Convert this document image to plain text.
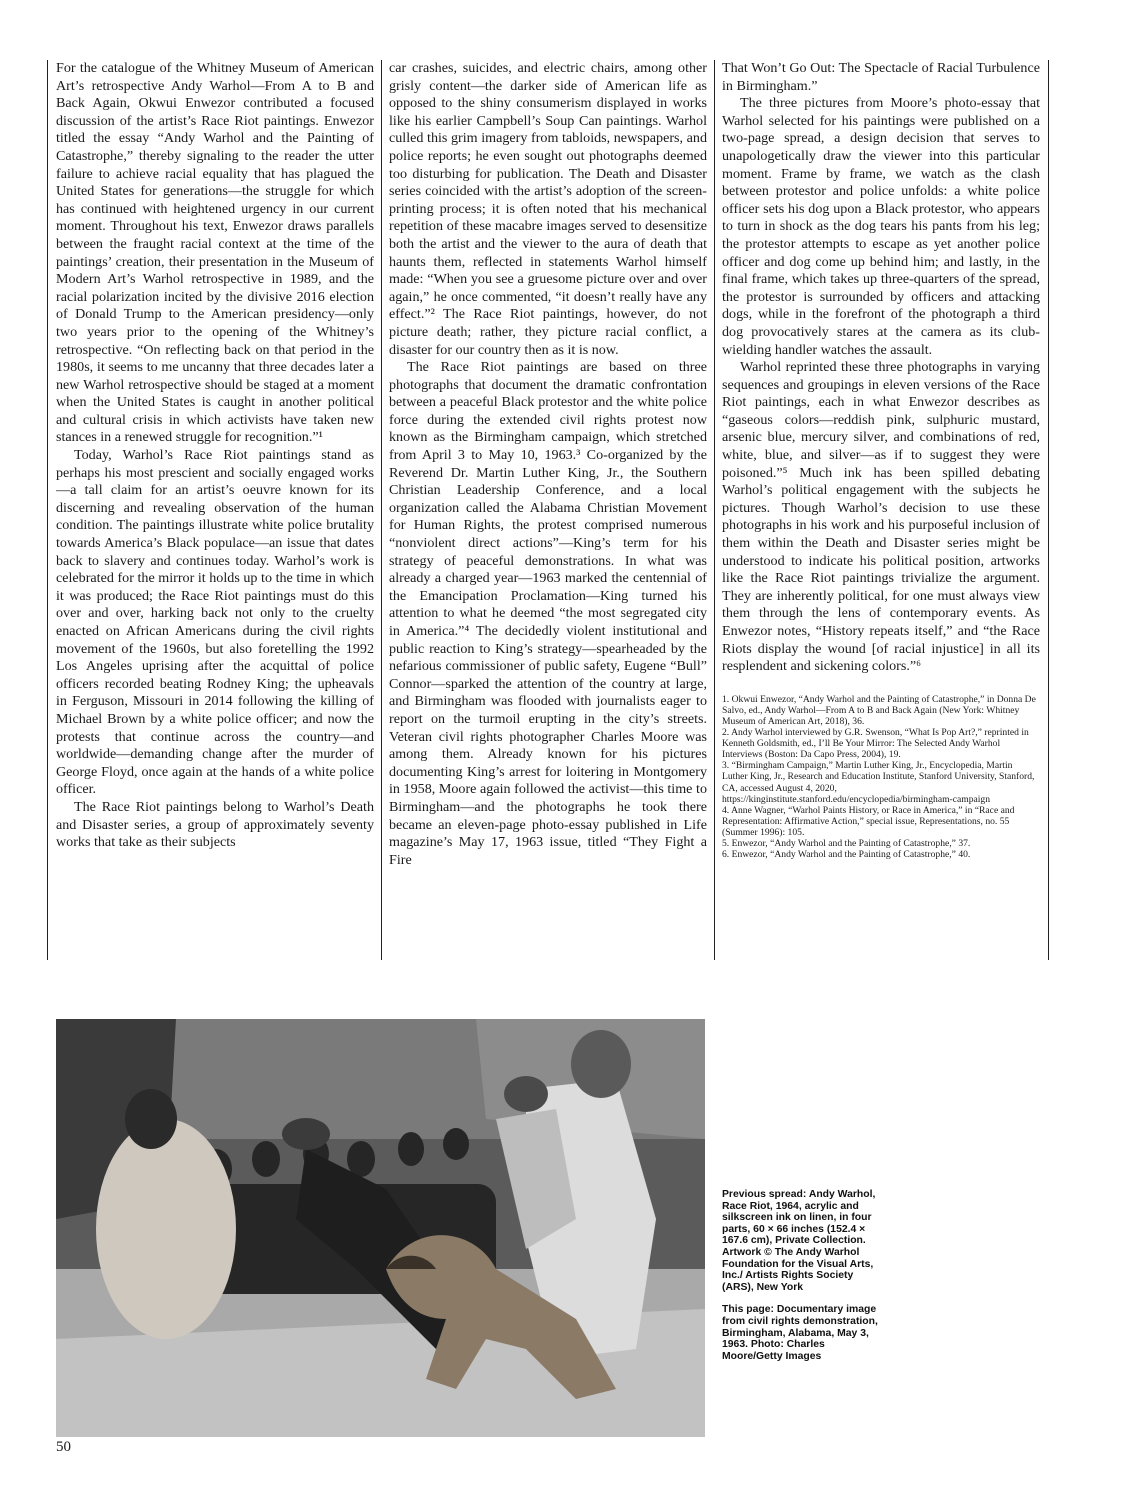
For the catalogue of the Whitney Museum of American Art’s retrospective Andy Warhol—From A to B and Back Again, Okwui Enwezor contributed a focused discussion of the artist’s Race Riot paintings. Enwezor titled the essay “Andy Warhol and the Painting of Catastrophe,” thereby signaling to the reader the utter failure to achieve racial equality that has plagued the United States for generations—the struggle for which has continued with heightened urgency in our current moment. Throughout his text, Enwezor draws parallels between the fraught racial context at the time of the paintings’ creation, their presentation in the Museum of Modern Art’s Warhol retrospective in 1989, and the racial polarization incited by the divisive 2016 election of Donald Trump to the American presidency—only two years prior to the opening of the Whitney’s retrospective. “On reflecting back on that period in the 1980s, it seems to me uncanny that three decades later a new Warhol retrospective should be staged at a moment when the United States is caught in another political and cultural crisis in which activists have taken new stances in a renewed struggle for recognition.”¹

Today, Warhol’s Race Riot paintings stand as perhaps his most prescient and socially engaged works—a tall claim for an artist’s oeuvre known for its discerning and revealing observation of the human condition. The paintings illustrate white police brutality towards America’s Black populace—an issue that dates back to slavery and continues today. Warhol’s work is celebrated for the mirror it holds up to the time in which it was produced; the Race Riot paintings must do this over and over, harking back not only to the cruelty enacted on African Americans during the civil rights movement of the 1960s, but also foretelling the 1992 Los Angeles uprising after the acquittal of police officers recorded beating Rodney King; the upheavals in Ferguson, Missouri in 2014 following the killing of Michael Brown by a white police officer; and now the protests that continue across the country—and worldwide—demanding change after the murder of George Floyd, once again at the hands of a white police officer.

The Race Riot paintings belong to Warhol’s Death and Disaster series, a group of approximately seventy works that take as their subjects

car crashes, suicides, and electric chairs, among other grisly content—the darker side of American life as opposed to the shiny consumerism displayed in works like his earlier Campbell’s Soup Can paintings. Warhol culled this grim imagery from tabloids, newspapers, and police reports; he even sought out photographs deemed too disturbing for publication. The Death and Disaster series coincided with the artist’s adoption of the screen-printing process; it is often noted that his mechanical repetition of these macabre images served to desensitize both the artist and the viewer to the aura of death that haunts them, reflected in statements Warhol himself made: “When you see a gruesome picture over and over again,” he once commented, “it doesn’t really have any effect.”² The Race Riot paintings, however, do not picture death; rather, they picture racial conflict, a disaster for our country then as it is now.

The Race Riot paintings are based on three photographs that document the dramatic confrontation between a peaceful Black protestor and the white police force during the extended civil rights protest now known as the Birmingham campaign, which stretched from April 3 to May 10, 1963.³ Co-organized by the Reverend Dr. Martin Luther King, Jr., the Southern Christian Leadership Conference, and a local organization called the Alabama Christian Movement for Human Rights, the protest comprised numerous “nonviolent direct actions”—King’s term for his strategy of peaceful demonstrations. In what was already a charged year—1963 marked the centennial of the Emancipation Proclamation—King turned his attention to what he deemed “the most segregated city in America.”⁴ The decidedly violent institutional and public reaction to King’s strategy—spearheaded by the nefarious commissioner of public safety, Eugene “Bull” Connor—sparked the attention of the country at large, and Birmingham was flooded with journalists eager to report on the turmoil erupting in the city’s streets. Veteran civil rights photographer Charles Moore was among them. Already known for his pictures documenting King’s arrest for loitering in Montgomery in 1958, Moore again followed the activist—this time to Birmingham—and the photographs he took there became an eleven-page photo-essay published in Life magazine’s May 17, 1963 issue, titled “They Fight a Fire

That Won’t Go Out: The Spectacle of Racial Turbulence in Birmingham.”

The three pictures from Moore’s photo-essay that Warhol selected for his paintings were published on a two-page spread, a design decision that serves to unapologetically draw the viewer into this particular moment. Frame by frame, we watch as the clash between protestor and police unfolds: a white police officer sets his dog upon a Black protestor, who appears to turn in shock as the dog tears his pants from his leg; the protestor attempts to escape as yet another police officer and dog come up behind him; and lastly, in the final frame, which takes up three-quarters of the spread, the protestor is surrounded by officers and attacking dogs, while in the forefront of the photograph a third dog provocatively stares at the camera as its club-wielding handler watches the assault.

Warhol reprinted these three photographs in varying sequences and groupings in eleven versions of the Race Riot paintings, each in what Enwezor describes as “gaseous colors—reddish pink, sulphuric mustard, arsenic blue, mercury silver, and combinations of red, white, blue, and silver—as if to suggest they were poisoned.”⁵ Much ink has been spilled debating Warhol’s political engagement with the subjects he pictures. Though Warhol’s decision to use these photographs in his work and his purposeful inclusion of them within the Death and Disaster series might be understood to indicate his political position, artworks like the Race Riot paintings trivialize the argument. They are inherently political, for one must always view them through the lens of contemporary events. As Enwezor notes, “History repeats itself,” and “the Race Riots display the wound [of racial injustice] in all its resplendent and sickening colors.”⁶

1. Okwui Enwezor, “Andy Warhol and the Painting of Catastrophe,” in Donna De Salvo, ed., Andy Warhol—From A to B and Back Again (New York: Whitney Museum of American Art, 2018), 36.

2. Andy Warhol interviewed by G.R. Swenson, “What Is Pop Art?,” reprinted in Kenneth Goldsmith, ed., I’ll Be Your Mirror: The Selected Andy Warhol Interviews (Boston: Da Capo Press, 2004), 19.

3. “Birmingham Campaign,” Martin Luther King, Jr., Encyclopedia, Martin Luther King, Jr., Research and Education Institute, Stanford University, Stanford, CA, accessed August 4, 2020, https://kinginstitute.stanford.edu/encyclopedia/birmingham-campaign

4. Anne Wagner, “Warhol Paints History, or Race in America,” in “Race and Representation: Affirmative Action,” special issue, Representations, no. 55 (Summer 1996): 105.

5. Enwezor, “Andy Warhol and the Painting of Catastrophe,” 37.

6. Enwezor, “Andy Warhol and the Painting of Catastrophe,” 40.

Previous spread: Andy Warhol, Race Riot, 1964, acrylic and silkscreen ink on linen, in four parts, 60 × 66 inches (152.4 × 167.6 cm), Private Collection. Artwork © The Andy Warhol Foundation for the Visual Arts, Inc./ Artists Rights Society (ARS), New York

This page: Documentary image from civil rights demonstration, Birmingham, Alabama, May 3, 1963. Photo: Charles Moore/Getty Images

50
